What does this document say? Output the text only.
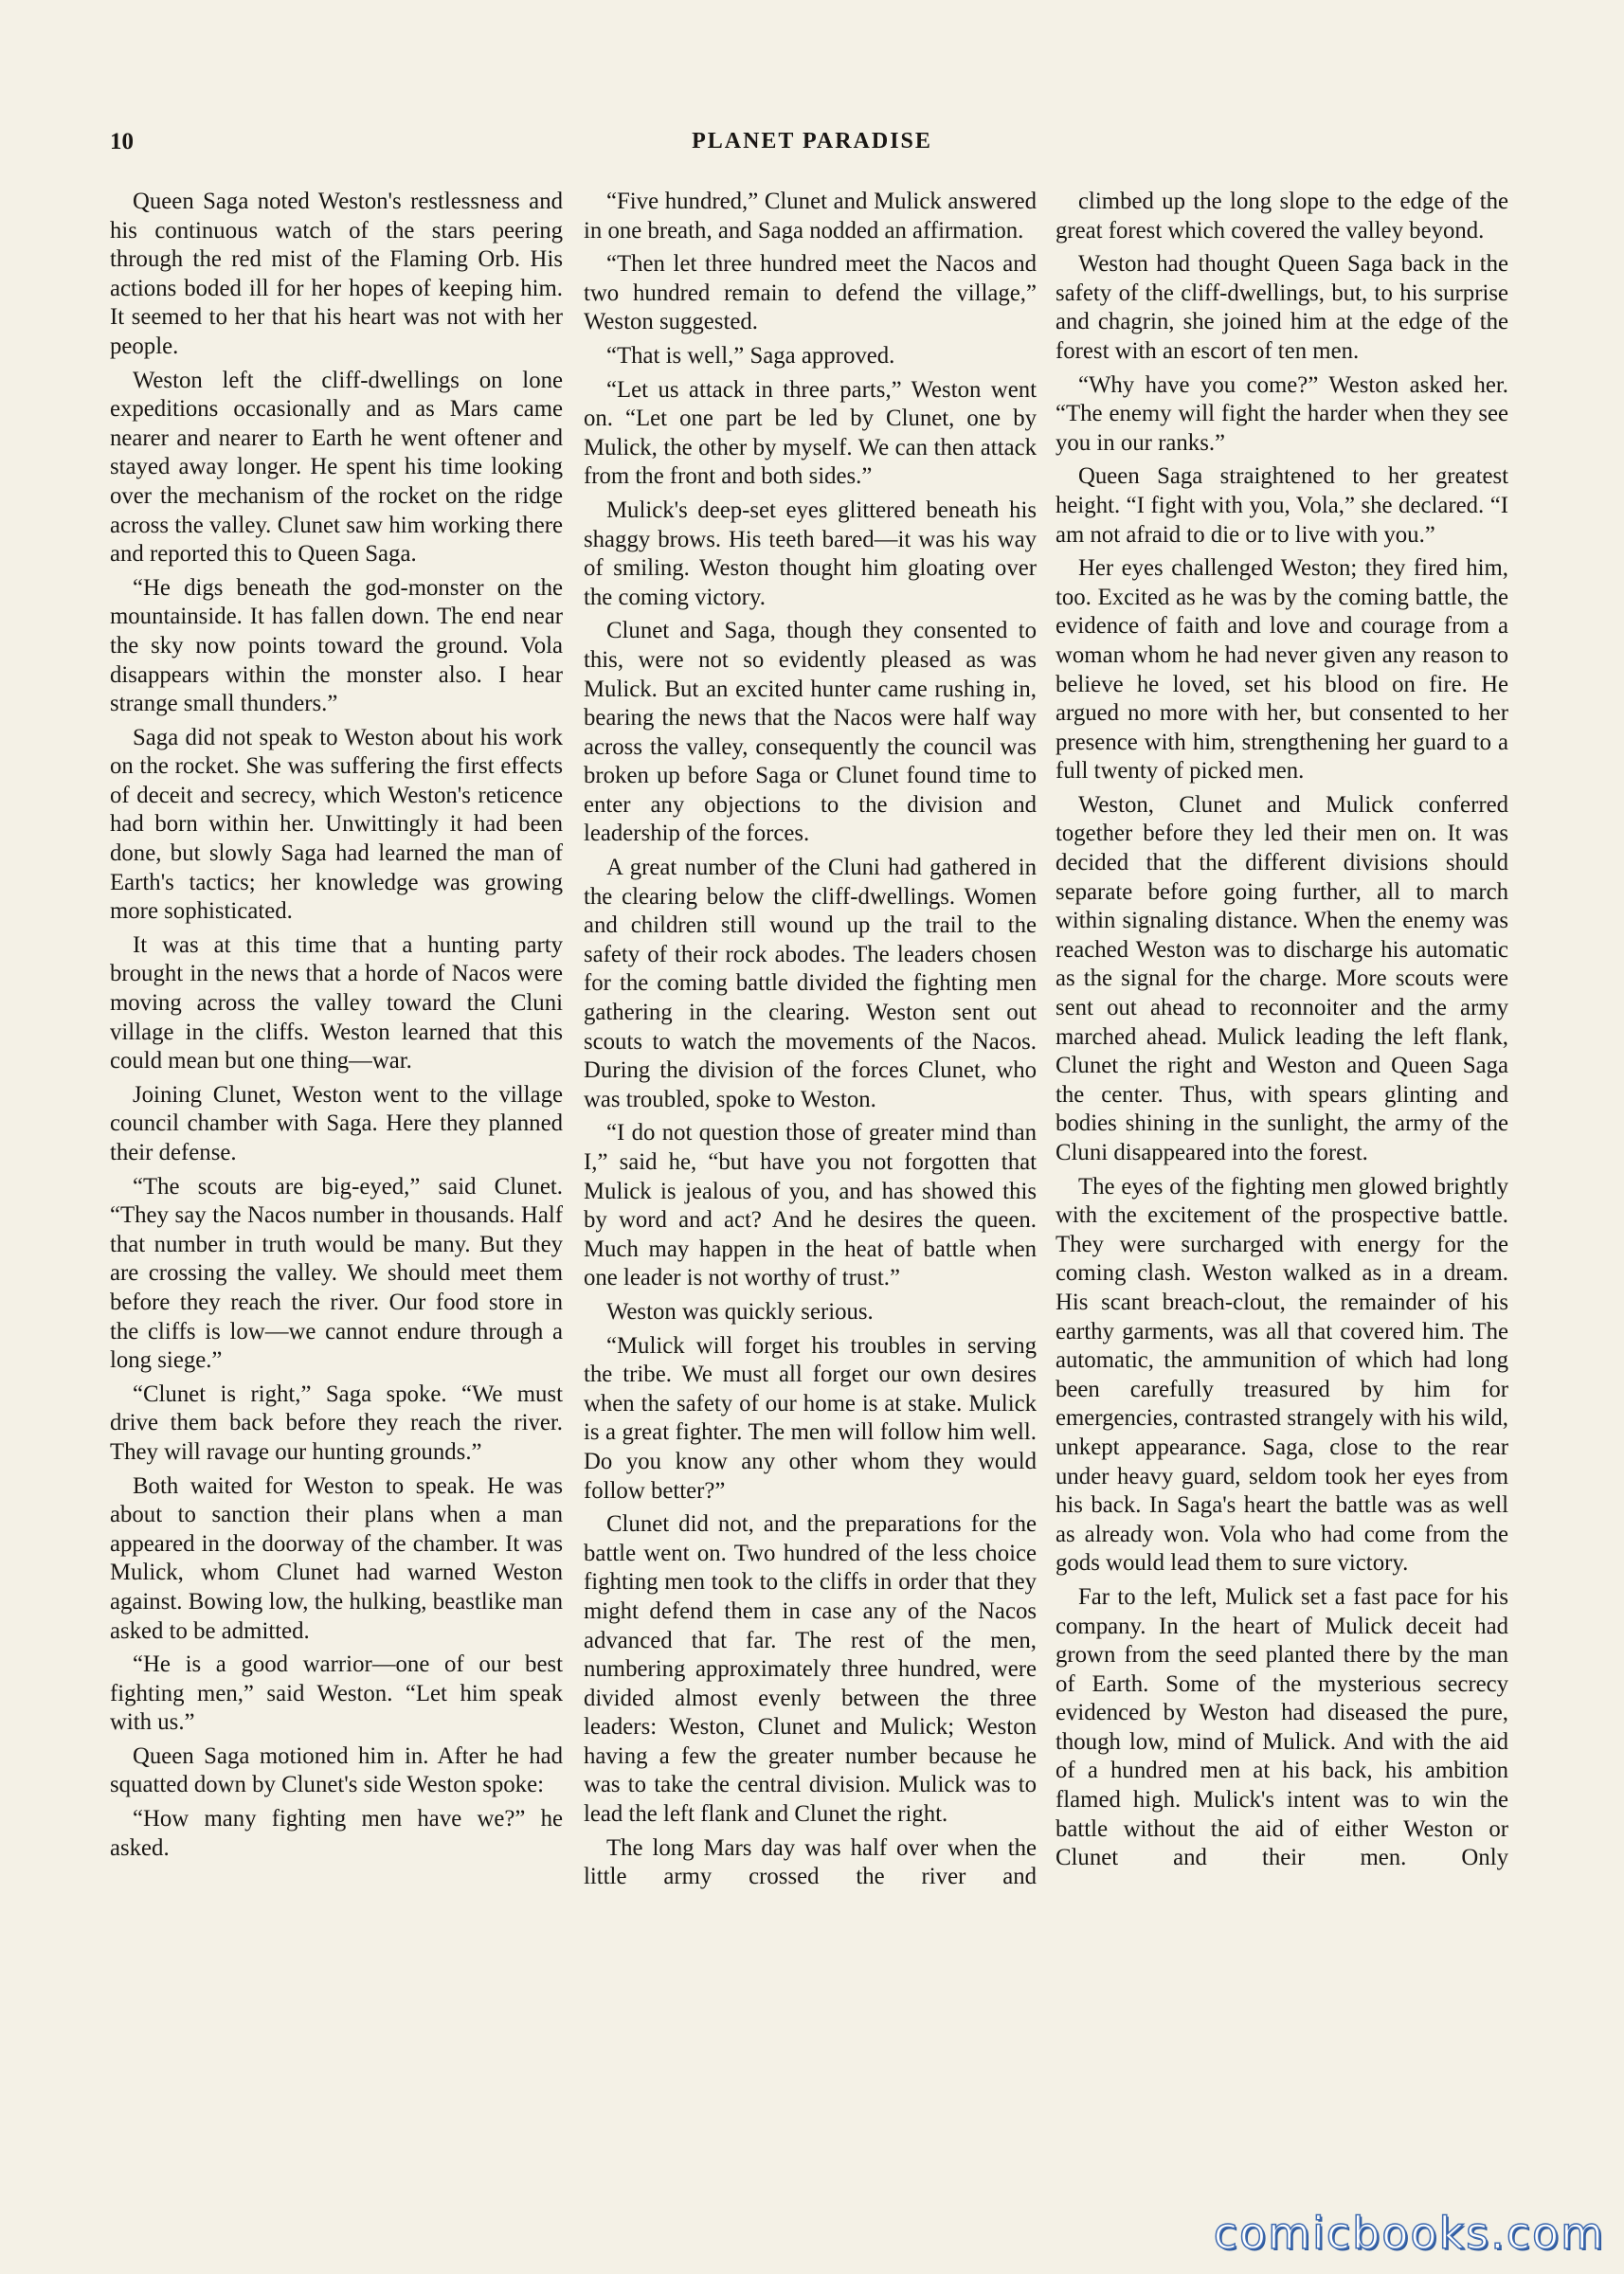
10	PLANET PARADISE

Queen Saga noted Weston's restlessness and his continuous watch of the stars peering through the red mist of the Flaming Orb. His actions boded ill for her hopes of keeping him. It seemed to her that his heart was not with her people.

Weston left the cliff-dwellings on lone expeditions occasionally and as Mars came nearer and nearer to Earth he went oftener and stayed away longer. He spent his time looking over the mechanism of the rocket on the ridge across the valley. Clunet saw him working there and reported this to Queen Saga.

“He digs beneath the god-monster on the mountainside. It has fallen down. The end near the sky now points toward the ground. Vola disappears within the monster also. I hear strange small thunders.”

Saga did not speak to Weston about his work on the rocket. She was suffering the first effects of deceit and secrecy, which Weston's reticence had born within her. Unwittingly it had been done, but slowly Saga had learned the man of Earth's tactics; her knowledge was growing more sophisticated.

It was at this time that a hunting party brought in the news that a horde of Nacos were moving across the valley toward the Cluni village in the cliffs. Weston learned that this could mean but one thing—war.

Joining Clunet, Weston went to the village council chamber with Saga. Here they planned their defense.

“The scouts are big-eyed,” said Clunet. “They say the Nacos number in thousands. Half that number in truth would be many. But they are crossing the valley. We should meet them before they reach the river. Our food store in the cliffs is low—we cannot endure through a long siege.”

“Clunet is right,” Saga spoke. “We must drive them back before they reach the river. They will ravage our hunting grounds.”

Both waited for Weston to speak. He was about to sanction their plans when a man appeared in the doorway of the chamber. It was Mulick, whom Clunet had warned Weston against. Bowing low, the hulking, beastlike man asked to be admitted.

“He is a good warrior—one of our best fighting men,” said Weston. “Let him speak with us.”

Queen Saga motioned him in. After he had squatted down by Clunet's side Weston spoke:

“How many fighting men have we?” he asked.

“Five hundred,” Clunet and Mulick answered in one breath, and Saga nodded an affirmation.

“Then let three hundred meet the Nacos and two hundred remain to defend the village,” Weston suggested.

“That is well,” Saga approved.

“Let us attack in three parts,” Weston went on. “Let one part be led by Clunet, one by Mulick, the other by myself. We can then attack from the front and both sides.”

Mulick's deep-set eyes glittered beneath his shaggy brows. His teeth bared—it was his way of smiling. Weston thought him gloating over the coming victory.

Clunet and Saga, though they consented to this, were not so evidently pleased as was Mulick. But an excited hunter came rushing in, bearing the news that the Nacos were half way across the valley, consequently the council was broken up before Saga or Clunet found time to enter any objections to the division and leadership of the forces.

A great number of the Cluni had gathered in the clearing below the cliff-dwellings. Women and children still wound up the trail to the safety of their rock abodes. The leaders chosen for the coming battle divided the fighting men gathering in the clearing. Weston sent out scouts to watch the movements of the Nacos. During the division of the forces Clunet, who was troubled, spoke to Weston.

“I do not question those of greater mind than I,” said he, “but have you not forgotten that Mulick is jealous of you, and has showed this by word and act? And he desires the queen. Much may happen in the heat of battle when one leader is not worthy of trust.”

Weston was quickly serious.

“Mulick will forget his troubles in serving the tribe. We must all forget our own desires when the safety of our home is at stake. Mulick is a great fighter. The men will follow him well. Do you know any other whom they would follow better?”

Clunet did not, and the preparations for the battle went on. Two hundred of the less choice fighting men took to the cliffs in order that they might defend them in case any of the Nacos advanced that far. The rest of the men, numbering approximately three hundred, were divided almost evenly between the three leaders: Weston, Clunet and Mulick; Weston having a few the greater number because he was to take the central division. Mulick was to lead the left flank and Clunet the right.

The long Mars day was half over when the little army crossed the river and

climbed up the long slope to the edge of the great forest which covered the valley beyond.

Weston had thought Queen Saga back in the safety of the cliff-dwellings, but, to his surprise and chagrin, she joined him at the edge of the forest with an escort of ten men.

“Why have you come?” Weston asked her. “The enemy will fight the harder when they see you in our ranks.”

Queen Saga straightened to her greatest height. “I fight with you, Vola,” she declared. “I am not afraid to die or to live with you.”

Her eyes challenged Weston; they fired him, too. Excited as he was by the coming battle, the evidence of faith and love and courage from a woman whom he had never given any reason to believe he loved, set his blood on fire. He argued no more with her, but consented to her presence with him, strengthening her guard to a full twenty of picked men.

Weston, Clunet and Mulick conferred together before they led their men on. It was decided that the different divisions should separate before going further, all to march within signaling distance. When the enemy was reached Weston was to discharge his automatic as the signal for the charge. More scouts were sent out ahead to reconnoiter and the army marched ahead. Mulick leading the left flank, Clunet the right and Weston and Queen Saga the center. Thus, with spears glinting and bodies shining in the sunlight, the army of the Cluni disappeared into the forest.

The eyes of the fighting men glowed brightly with the excitement of the prospective battle. They were surcharged with energy for the coming clash. Weston walked as in a dream. His scant breach-clout, the remainder of his earthy garments, was all that covered him. The automatic, the ammunition of which had long been carefully treasured by him for emergencies, contrasted strangely with his wild, unkept appearance. Saga, close to the rear under heavy guard, seldom took her eyes from his back. In Saga's heart the battle was as well as already won. Vola who had come from the gods would lead them to sure victory.

Far to the left, Mulick set a fast pace for his company. In the heart of Mulick deceit had grown from the seed planted there by the man of Earth. Some of the mysterious secrecy evidenced by Weston had diseased the pure, though low, mind of Mulick. And with the aid of a hundred men at his back, his ambition flamed high. Mulick's intent was to win the battle without the aid of either Weston or Clunet and their men. Only

comicbooks.com
